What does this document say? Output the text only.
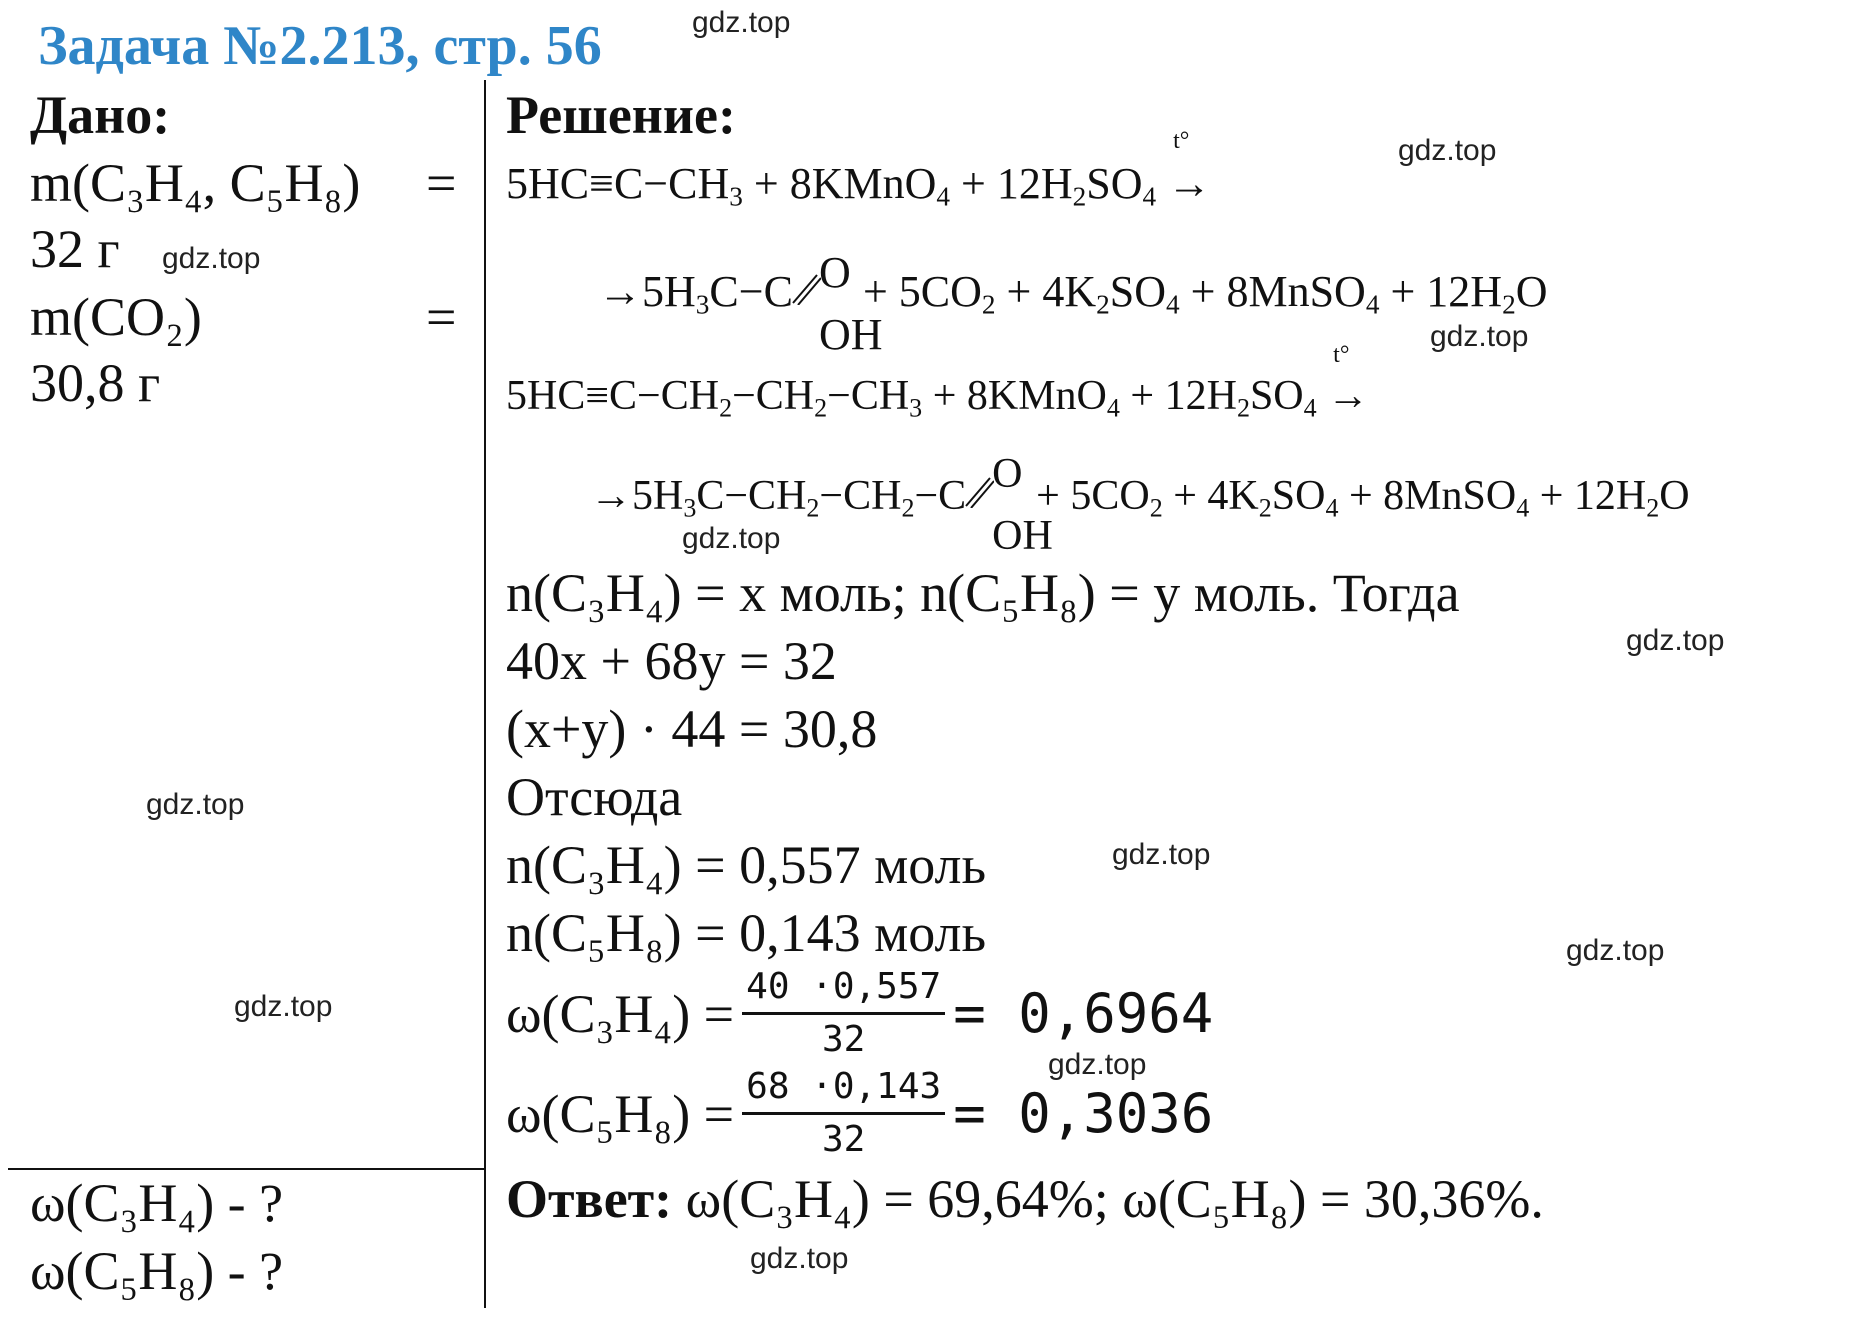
Задача №2.213, стр. 56	gdz.top
gdz.top
gdz.top
gdz.top
gdz.top
gdz.top
gdz.top
gdz.top
gdz.top
gdz.top
gdz.top
gdz.top
Дано:
m(C₃H₄, C₅H₈) =
32 г
m(CO₂)	=
30,8 г
ω(C₃H₄) - ?
ω(C₅H₈) - ?
Решение:
$5HC\equiv C-CH_3$ + 8KMnO$_4$ + $12H_2SO_4$
t°
→
$\to 5H_3C-C$ O
OH
+ $5CO_2 + 4K_2SO_4$ + 8MnSO$_4$ + $12H_2O$
$5HC\equiv C-CH_2-CH_2-CH_3$ + 8KMnO$_4$ + $12H_2SO_4$
t°
→
$\to 5H_3C-CH_2-CH_2-C$ O
OH
+ $5CO_2 + 4K_2SO_4$ + 8MnSO$_4$ + $12H_2O$
n(C₃H₄) = x моль; n(C₅H₈) = y моль. Тогда
40x + 68y = 32
(x+y) · 44 = 30,8
Отсюда
n(C₃H₄) = 0,557 моль
n(C₅H₈) = 0,143 моль
$\omega(C_3H_4) = \frac{40 \cdot 0,557}{32} = 0,6964$
$\omega(C_5H_8) = \frac{68 \cdot 0,143}{32} = 0,3036$
Ответ: ω(C₃H₄) = 69,64%; ω(C₅H₈) = 30,36%.
